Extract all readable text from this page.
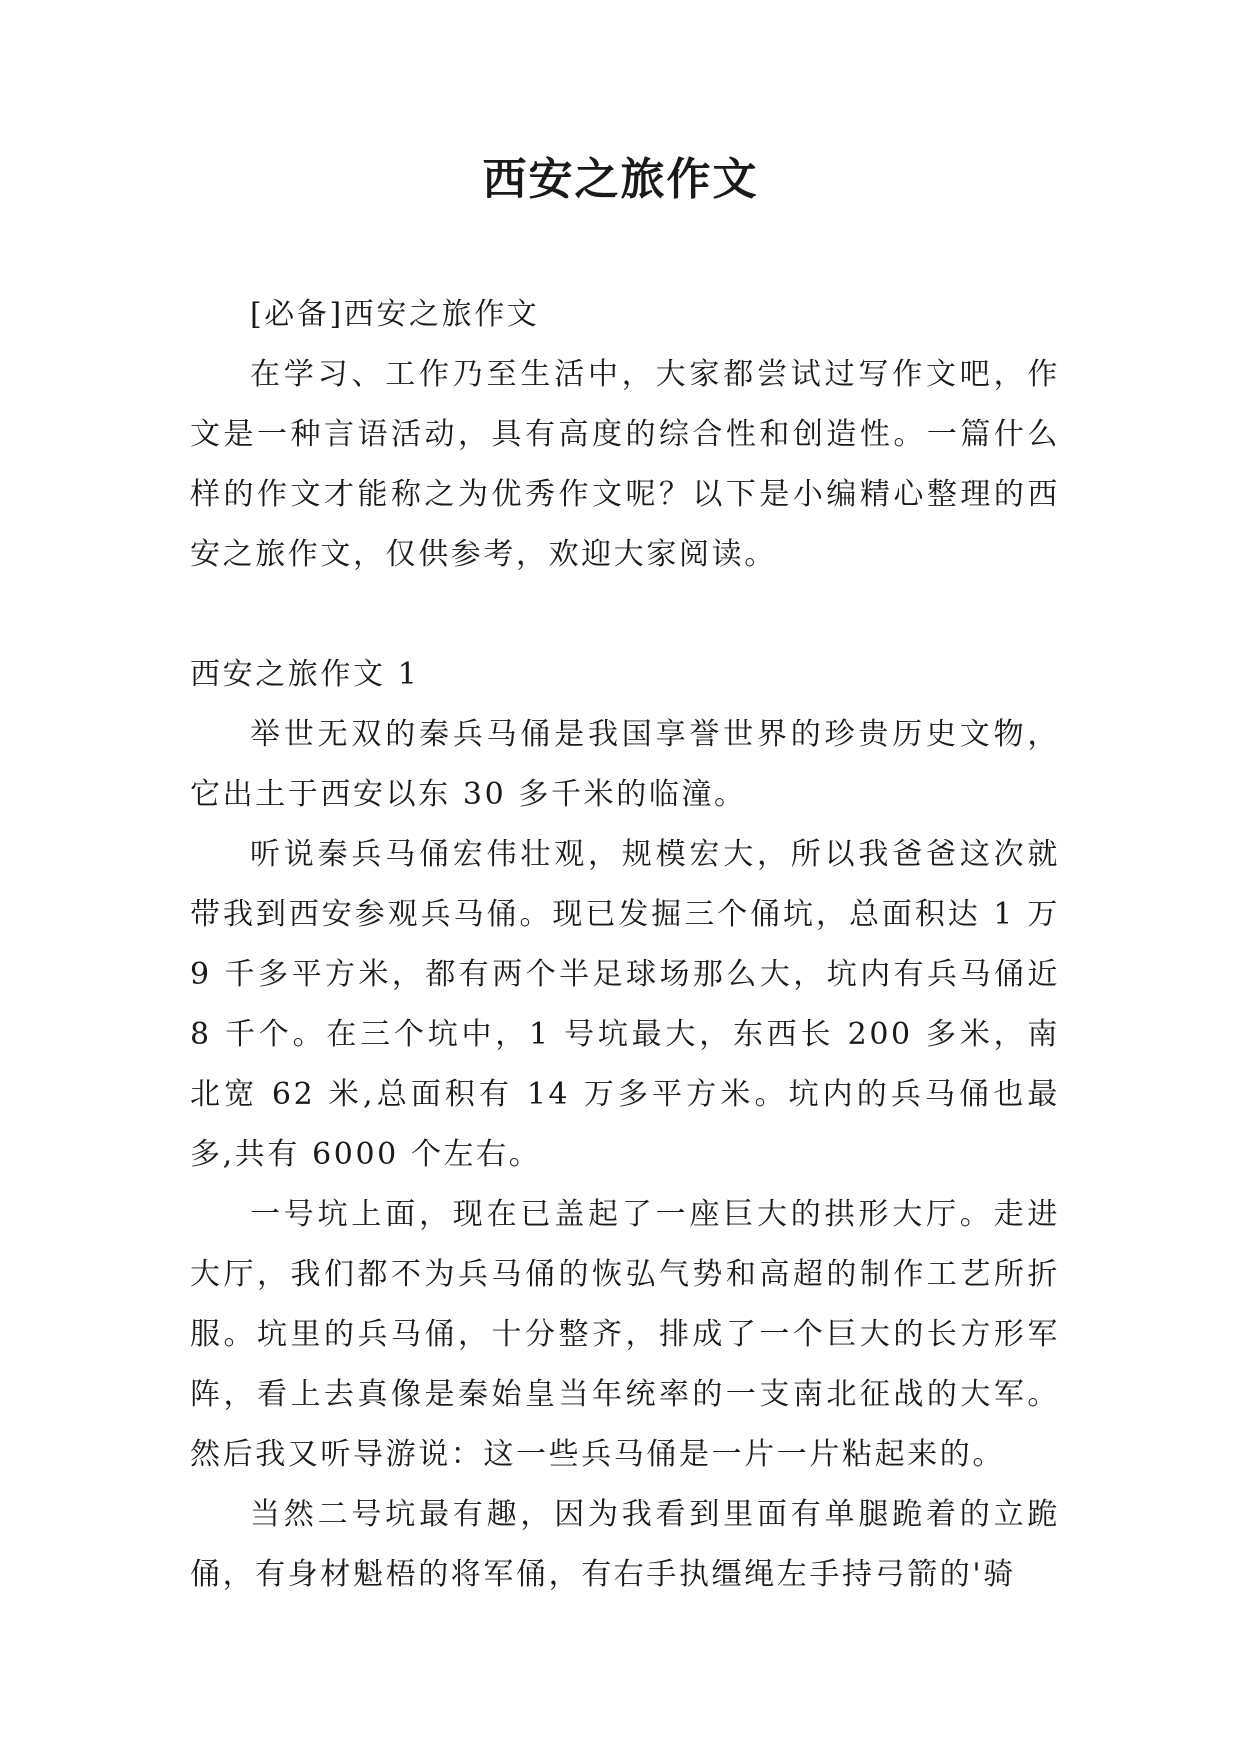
西安之旅作文

[必备]西安之旅作文

在学习、工作乃至生活中，大家都尝试过写作文吧，作文是一种言语活动，具有高度的综合性和创造性。一篇什么样的作文才能称之为优秀作文呢？以下是小编精心整理的西安之旅作文，仅供参考，欢迎大家阅读。

西安之旅作文 1

举世无双的秦兵马俑是我国享誉世界的珍贵历史文物，它出土于西安以东 30 多千米的临潼。

听说秦兵马俑宏伟壮观，规模宏大，所以我爸爸这次就带我到西安参观兵马俑。现已发掘三个俑坑，总面积达 1 万 9 千多平方米，都有两个半足球场那么大，坑内有兵马俑近 8 千个。在三个坑中，1 号坑最大，东西长 200 多米，南北宽 62 米,总面积有 14 万多平方米。坑内的兵马俑也最多,共有 6000 个左右。

一号坑上面，现在已盖起了一座巨大的拱形大厅。走进大厅，我们都不为兵马俑的恢弘气势和高超的制作工艺所折服。坑里的兵马俑，十分整齐，排成了一个巨大的长方形军阵，看上去真像是秦始皇当年统率的一支南北征战的大军。然后我又听导游说：这一些兵马俑是一片一片粘起来的。

当然二号坑最有趣，因为我看到里面有单腿跪着的立跪俑，有身材魁梧的将军俑，有右手执缰绳左手持弓箭的'骑
